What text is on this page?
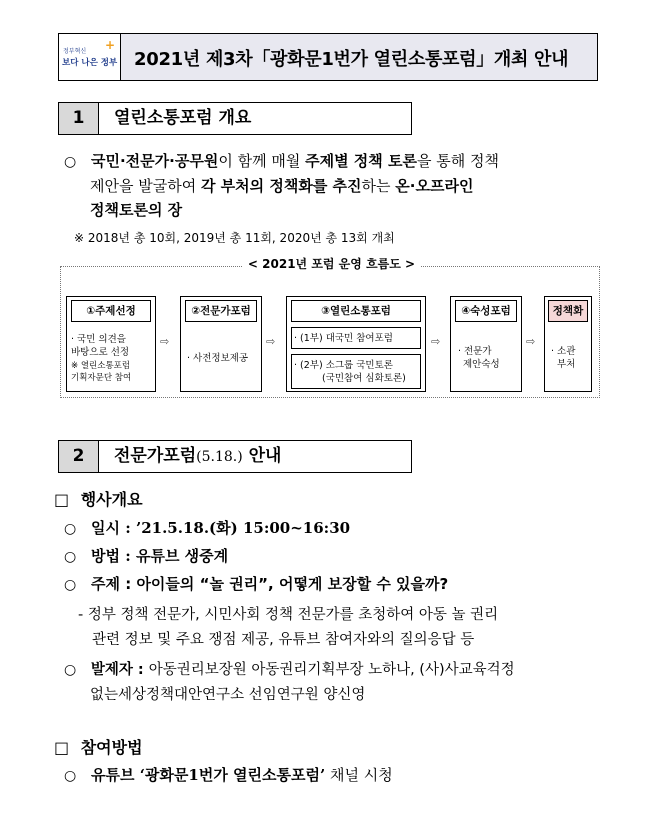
정부혁신
보다 나은 정부
+
2021년 제3차「광화문1번가 열린소통포럼」개최 안내
1	열린소통포럼 개요
○ 국민·전문가·공무원이 함께 매월 주제별 정책 토론을 통해 정책
제안을 발굴하여 각 부처의 정책화를 추진하는 온·오프라인
정책토론의 장
※ 2018년 총 10회, 2019년 총 11회, 2020년 총 13회 개최
< 2021년 포럼 운영 흐름도 >
①주제선정
· 국민 의견을
바탕으로 선정
※ 열린소통포럼
기획자문단 참여
⇨
②전문가포럼
· 사전정보제공
⇨
③열린소통포럼
· (1부) 대국민 참여포럼
· (2부) 소그룹 국민토론
(국민참여 심화토론)
⇨
④숙성포럼
· 전문가
제안숙성
⇨
정책화
· 소관
부처
2	전문가포럼(5.18.) 안내
□ 행사개요
○ 일시 : ’21.5.18.(화) 15:00~16:30
○ 방법 : 유튜브 생중계
○ 주제 : 아이들의 “놀 권리”, 어떻게 보장할 수 있을까?
- 정부 정책 전문가, 시민사회 정책 전문가를 초청하여 아동 놀 권리
관련 정보 및 주요 쟁점 제공, 유튜브 참여자와의 질의응답 등
○ 발제자 : 아동권리보장원 아동권리기획부장 노하나, (사)사교육걱정
없는세상정책대안연구소 선임연구원 양신영
□ 참여방법
○ 유튜브 ‘광화문1번가 열린소통포럼’ 채널 시청
